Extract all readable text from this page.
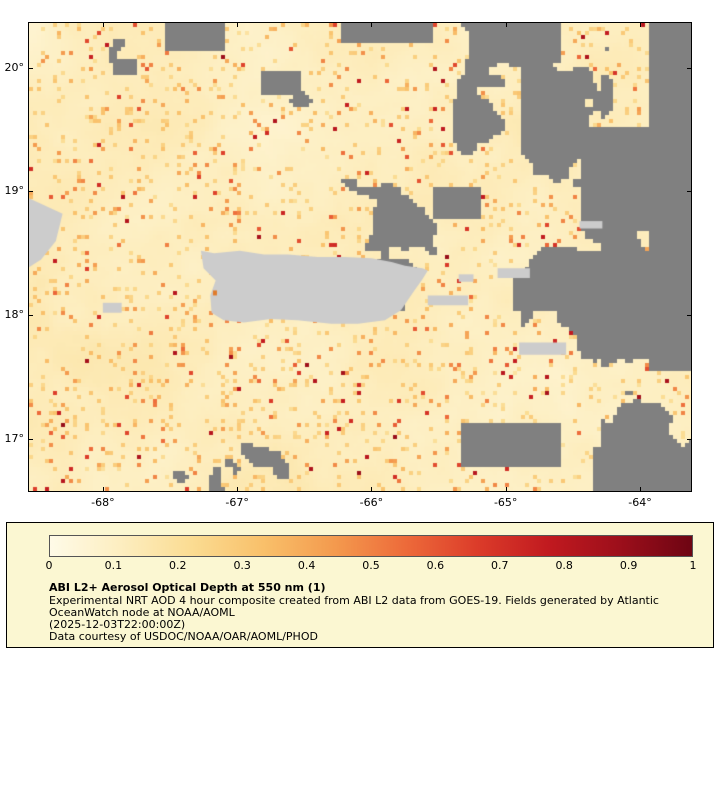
-68°	-67°	-66°	-65°	-64°
17°
18°
19°
20°
0	0.1	0.2	0.3	0.4	0.5	0.6	0.7	0.8	0.9	1
ABI L2+ Aerosol Optical Depth at 550 nm (1)
Experimental NRT AOD 4 hour composite created from ABI L2 data from GOES-19. Fields generated by Atlantic
OceanWatch node at NOAA/AOML
(2025-12-03T22:00:00Z)
Data courtesy of USDOC/NOAA/OAR/AOML/PHOD
